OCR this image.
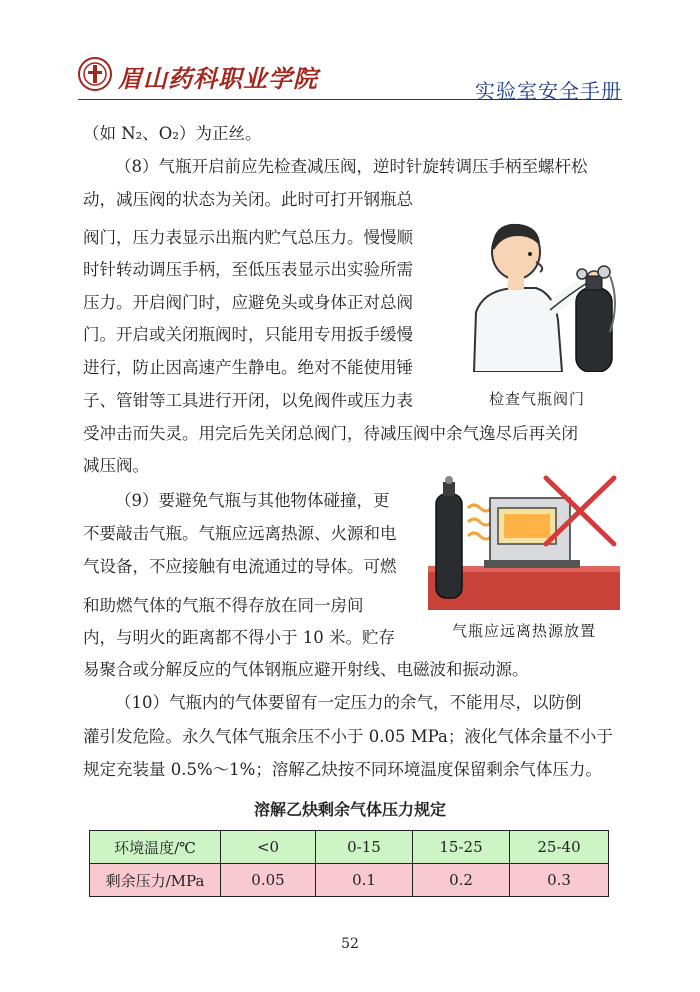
眉山药科职业学院	实验室安全手册
（如 N₂、O₂）为正丝。
（8）气瓶开启前应先检查减压阀，逆时针旋转调压手柄至螺杆松
动，减压阀的状态为关闭。此时可打开钢瓶总
阀门，压力表显示出瓶内贮气总压力。慢慢顺
时针转动调压手柄，至低压表显示出实验所需
压力。开启阀门时，应避免头或身体正对总阀
门。开启或关闭瓶阀时，只能用专用扳手缓慢
进行，防止因高速产生静电。绝对不能使用锤
子、管钳等工具进行开闭，以免阀件或压力表
受冲击而失灵。用完后先关闭总阀门，待减压阀中余气逸尽后再关闭
减压阀。
（9）要避免气瓶与其他物体碰撞，更
不要敲击气瓶。气瓶应远离热源、火源和电
气设备，不应接触有电流通过的导体。可燃
和助燃气体的气瓶不得存放在同一房间
内，与明火的距离都不得小于 10 米。贮存
易聚合或分解反应的气体钢瓶应避开射线、电磁波和振动源。
（10）气瓶内的气体要留有一定压力的余气，不能用尽，以防倒
灌引发危险。永久气体气瓶余压不小于 0.05 MPa；液化气体余量不小于
规定充装量 0.5%～1%；溶解乙炔按不同环境温度保留剩余气体压力。
检查气瓶阀门
气瓶应远离热源放置
溶解乙炔剩余气体压力规定
环境温度/℃	<0	0-15	15-25	25-40
剩余压力/MPa	0.05	0.1	0.2	0.3
52
